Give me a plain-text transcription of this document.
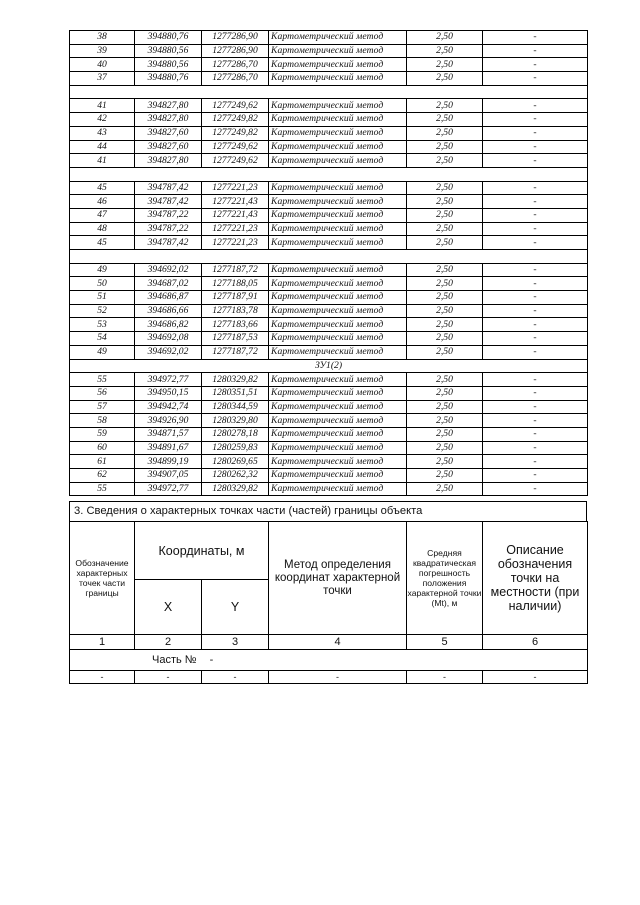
38	394880,76	1277286,90	Картометрический метод	2,50	-
39	394880,56	1277286,90	Картометрический метод	2,50	-
40	394880,56	1277286,70	Картометрический метод	2,50	-
37	394880,76	1277286,70	Картометрический метод	2,50	-

41	394827,80	1277249,62	Картометрический метод	2,50	-
42	394827,80	1277249,82	Картометрический метод	2,50	-
43	394827,60	1277249,82	Картометрический метод	2,50	-
44	394827,60	1277249,62	Картометрический метод	2,50	-
41	394827,80	1277249,62	Картометрический метод	2,50	-

45	394787,42	1277221,23	Картометрический метод	2,50	-
46	394787,42	1277221,43	Картометрический метод	2,50	-
47	394787,22	1277221,43	Картометрический метод	2,50	-
48	394787,22	1277221,23	Картометрический метод	2,50	-
45	394787,42	1277221,23	Картометрический метод	2,50	-

49	394692,02	1277187,72	Картометрический метод	2,50	-
50	394687,02	1277188,05	Картометрический метод	2,50	-
51	394686,87	1277187,91	Картометрический метод	2,50	-
52	394686,66	1277183,78	Картометрический метод	2,50	-
53	394686,82	1277183,66	Картометрический метод	2,50	-
54	394692,08	1277187,53	Картометрический метод	2,50	-
49	394692,02	1277187,72	Картометрический метод	2,50	-
ЗУ1(2)					
55	394972,77	1280329,82	Картометрический метод	2,50	-
56	394950,15	1280351,51	Картометрический метод	2,50	-
57	394942,74	1280344,59	Картометрический метод	2,50	-
58	394926,90	1280329,80	Картометрический метод	2,50	-
59	394871,57	1280278,18	Картометрический метод	2,50	-
60	394891,67	1280259,83	Картометрический метод	2,50	-
61	394899,19	1280269,65	Картометрический метод	2,50	-
62	394907,05	1280262,32	Картометрический метод	2,50	-
55	394972,77	1280329,82	Картометрический метод	2,50	-
3. Сведения о характерных точках части (частей) границы объекта
Обозначение характерных точек части границы	Координаты, м		Метод определения координат характерной точки	Средняя квадратическая погрешность положения характерной точки (Mt), м	Описание обозначения точки на местности (при наличии)
	X	Y			
1	2	3	4	5	6
Часть № -					
-	-	-	-	-	-
